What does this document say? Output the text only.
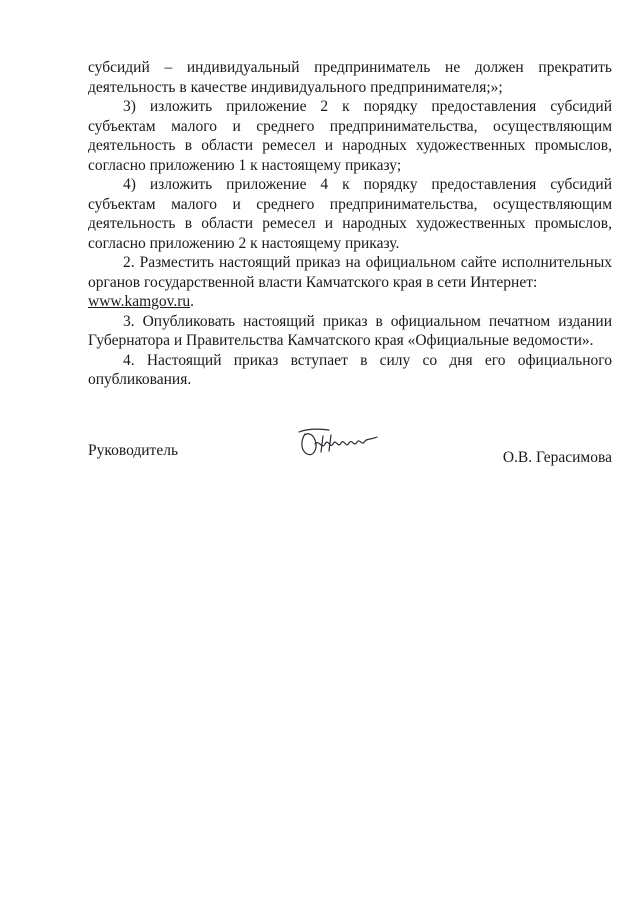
субсидий – индивидуальный предприниматель не должен прекратить деятельность в качестве индивидуального предпринимателя;»;

3) изложить приложение 2 к порядку предоставления субсидий субъектам малого и среднего предпринимательства, осуществляющим деятельность в области ремесел и народных художественных промыслов, согласно приложению 1 к настоящему приказу;

4) изложить приложение 4 к порядку предоставления субсидий субъектам малого и среднего предпринимательства, осуществляющим деятельность в области ремесел и народных художественных промыслов, согласно приложению 2 к настоящему приказу.

2. Разместить настоящий приказ на официальном сайте исполнительных органов государственной власти Камчатского края в сети Интернет:
www.kamgov.ru.

3. Опубликовать настоящий приказ в официальном печатном издании Губернатора и Правительства Камчатского края «Официальные ведомости».

4. Настоящий приказ вступает в силу со дня его официального опубликования.

Руководитель	О.В. Герасимова
